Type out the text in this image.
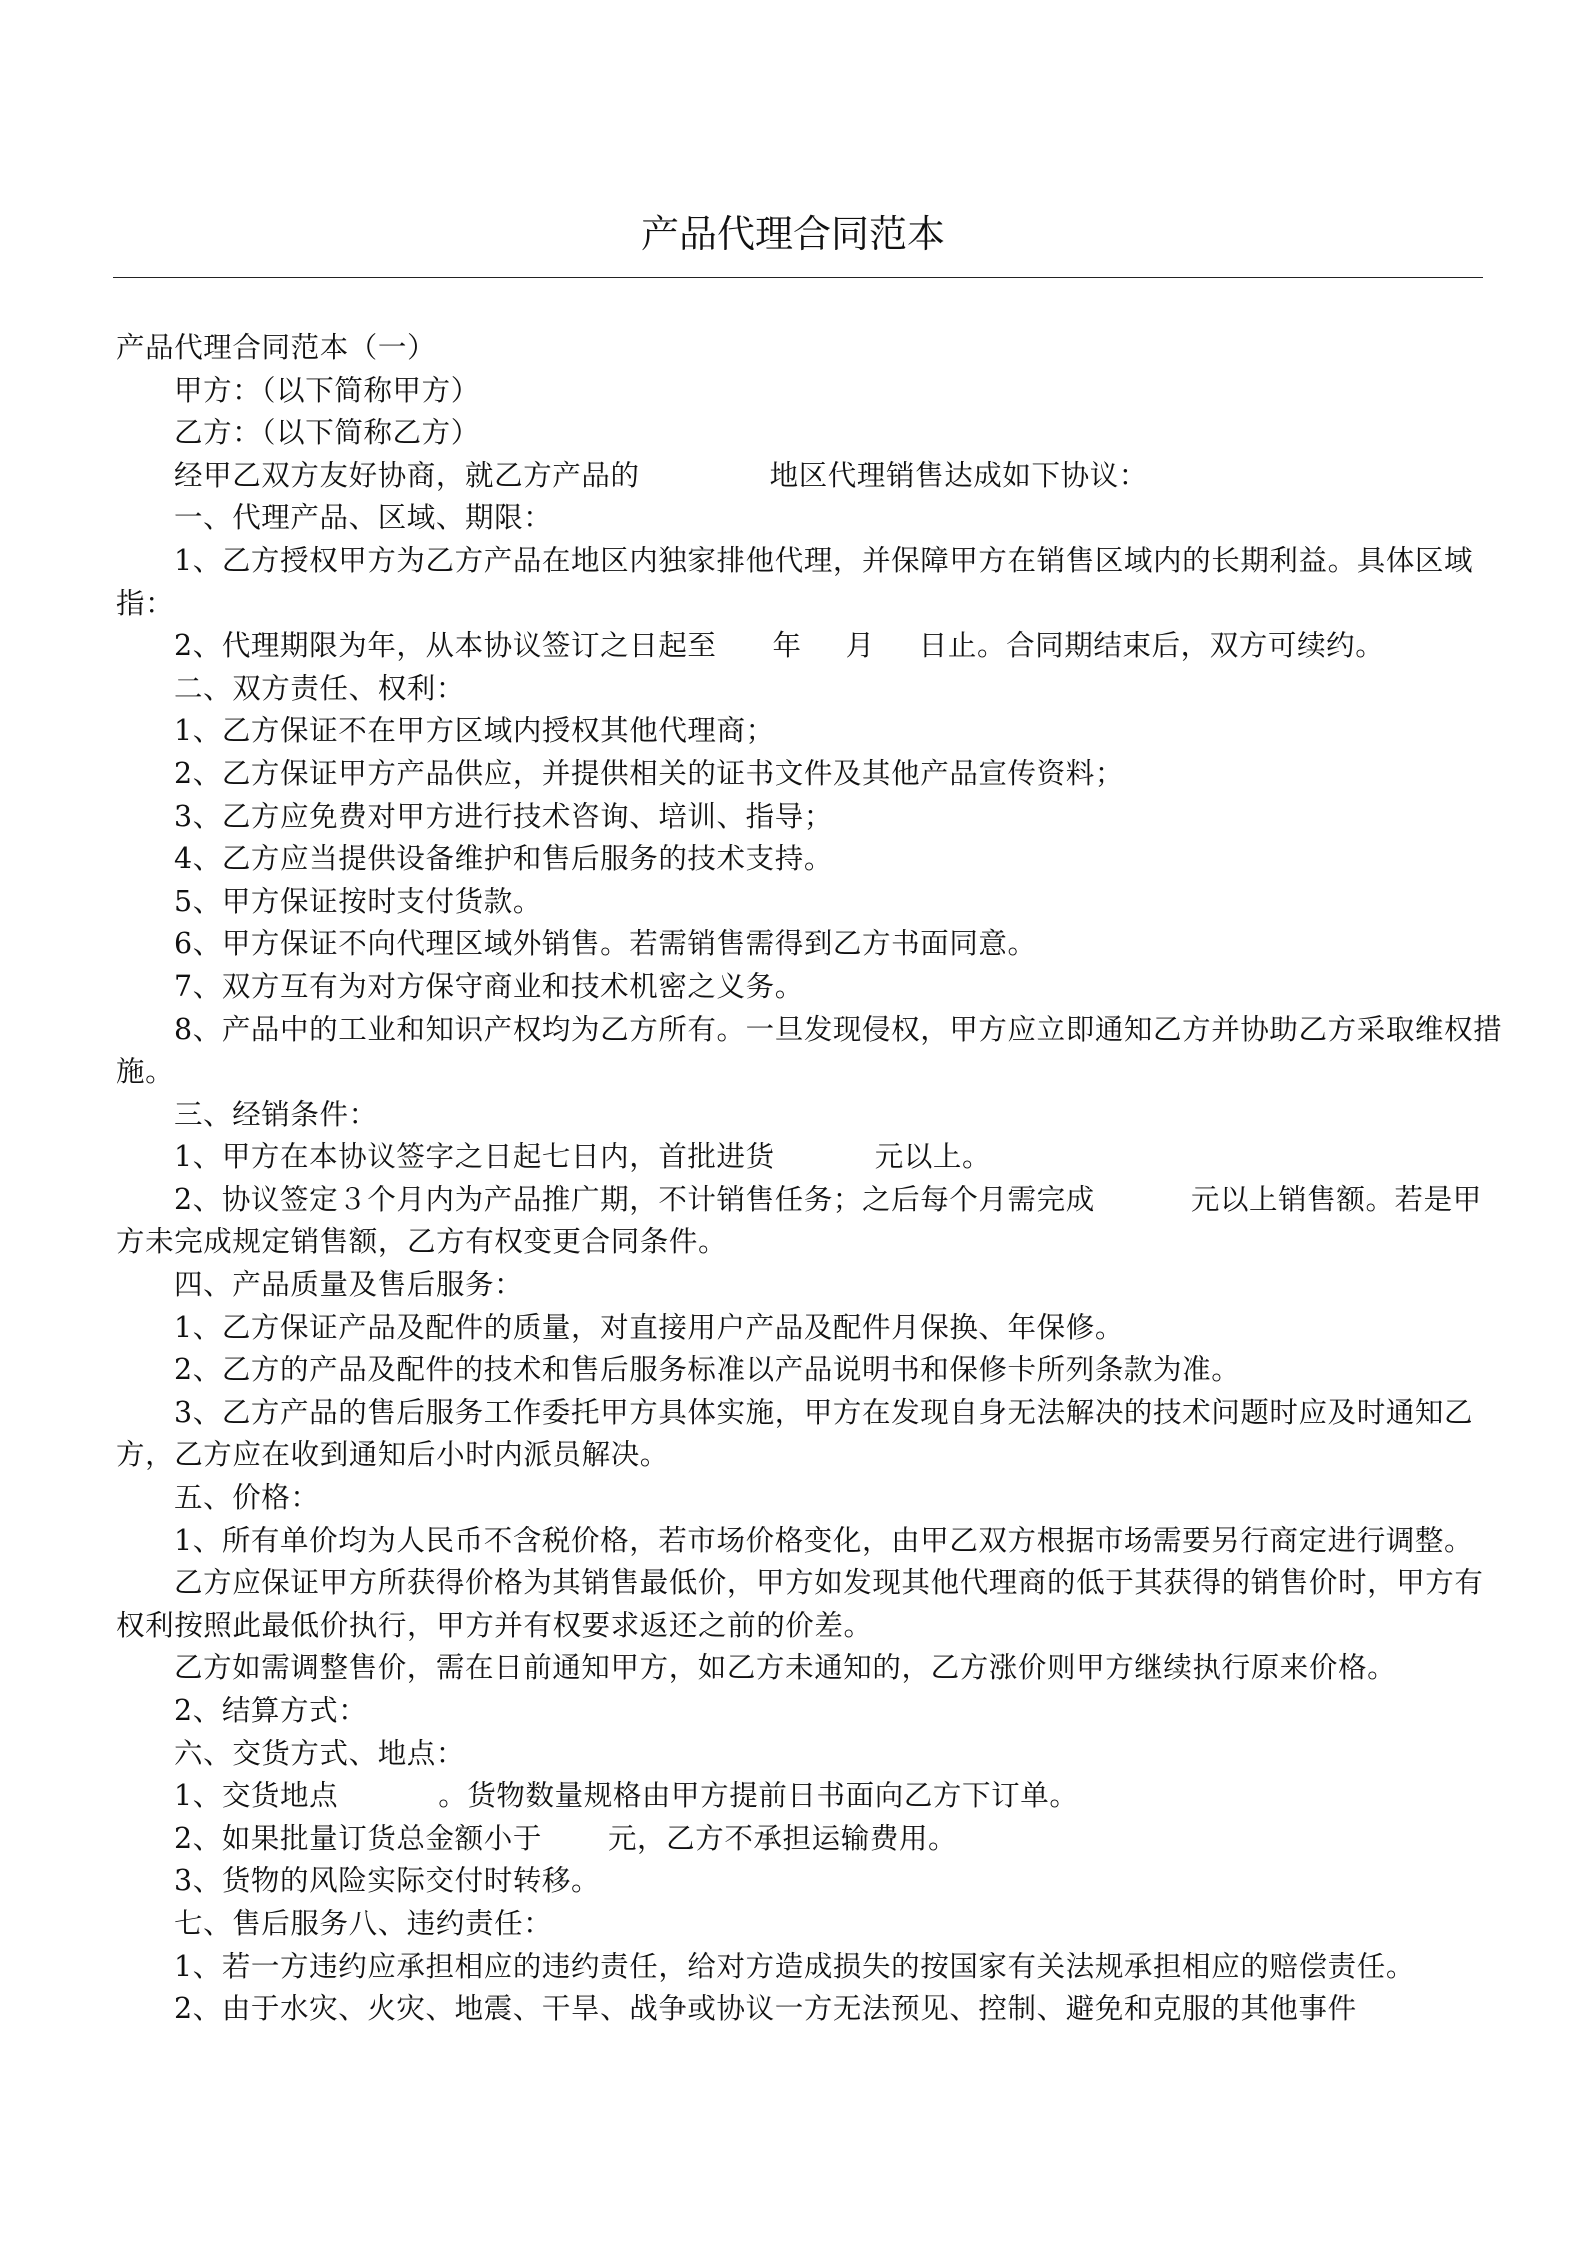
产品代理合同范本

产品代理合同范本（一）

甲方：（以下简称甲方）

乙方：（以下简称乙方）

经甲乙双方友好协商，就乙方产品的	地区代理销售达成如下协议：

一、代理产品、区域、期限：

1、乙方授权甲方为乙方产品在地区内独家排他代理，并保障甲方在销售区域内的长期利益。具体区域指：

2、代理期限为年，从本协议签订之日起至 年 月 日止。合同期结束后，双方可续约。

二、双方责任、权利：

1、乙方保证不在甲方区域内授权其他代理商；

2、乙方保证甲方产品供应，并提供相关的证书文件及其他产品宣传资料；

3、乙方应免费对甲方进行技术咨询、培训、指导；

4、乙方应当提供设备维护和售后服务的技术支持。

5、甲方保证按时支付货款。

6、甲方保证不向代理区域外销售。若需销售需得到乙方书面同意。

7、双方互有为对方保守商业和技术机密之义务。

8、产品中的工业和知识产权均为乙方所有。一旦发现侵权，甲方应立即通知乙方并协助乙方采取维权措施。

三、经销条件：

1、甲方在本协议签字之日起七日内，首批进货	元以上。

2、协议签定３个月内为产品推广期，不计销售任务；之后每个月需完成	元以上销售额。若是甲方未完成规定销售额，乙方有权变更合同条件。

四、产品质量及售后服务：

1、乙方保证产品及配件的质量，对直接用户产品及配件月保换、年保修。

2、乙方的产品及配件的技术和售后服务标准以产品说明书和保修卡所列条款为准。

3、乙方产品的售后服务工作委托甲方具体实施，甲方在发现自身无法解决的技术问题时应及时通知乙方，乙方应在收到通知后小时内派员解决。

五、价格：

1、所有单价均为人民币不含税价格，若市场价格变化，由甲乙双方根据市场需要另行商定进行调整。

乙方应保证甲方所获得价格为其销售最低价，甲方如发现其他代理商的低于其获得的销售价时，甲方有权利按照此最低价执行，甲方并有权要求返还之前的价差。

乙方如需调整售价，需在日前通知甲方，如乙方未通知的，乙方涨价则甲方继续执行原来价格。

2、结算方式：

六、交货方式、地点：

1、交货地点	。货物数量规格由甲方提前日书面向乙方下订单。

2、如果批量订货总金额小于 元，乙方不承担运输费用。

3、货物的风险实际交付时转移。

七、售后服务八、违约责任：

1、若一方违约应承担相应的违约责任，给对方造成损失的按国家有关法规承担相应的赔偿责任。

2、由于水灾、火灾、地震、干旱、战争或协议一方无法预见、控制、避免和克服的其他事件
